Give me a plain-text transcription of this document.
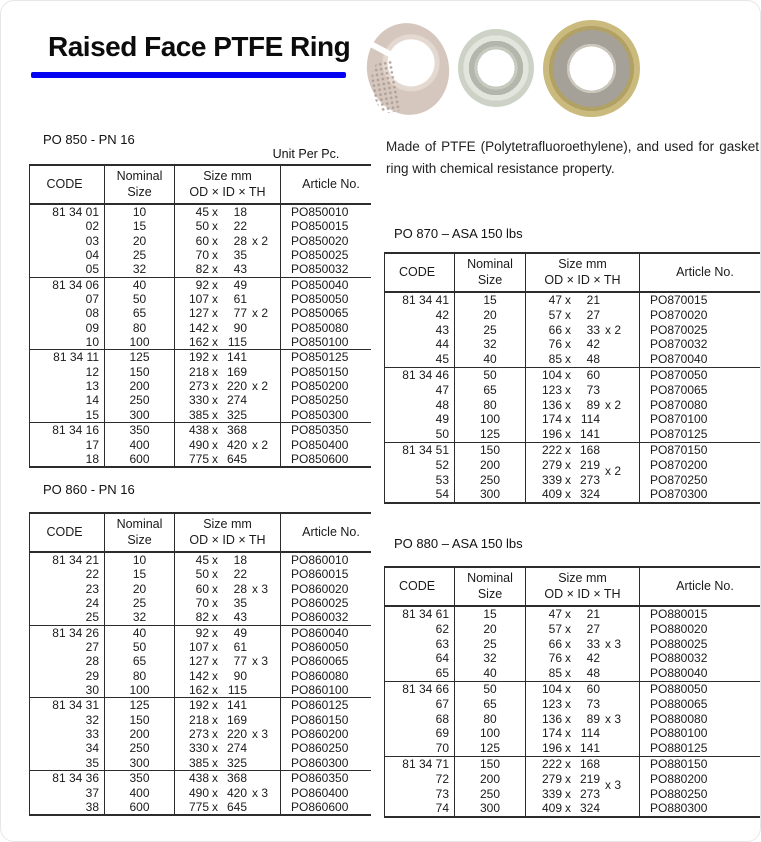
Raised Face PTFE Ring
Made of PTFE (Polytetrafluoroethylene), and used for gasket ring with chemical resistance property.
PO 850 - PN 16
Unit Per Pc.
PO 860 - PN 16
PO 870 – ASA 150 lbs
PO 880 – ASA 150 lbs
CODE
Nominal
Size
Size mm
OD × ID × TH
Article No.
81 34 01	10	45 x 18	PO850010
02	15	50 x 22	PO850015
03	20	60 x 28 x 2	PO850020
04	25	70 x 35	PO850025
05	32	82 x 43	PO850032
81 34 06	40	92 x 49	PO850040
07	50	107 x 61	PO850050
08	65	127 x 77 x 2	PO850065
09	80	142 x 90	PO850080
10	100	162 x 115	PO850100
81 34 11	125	192 x 141	PO850125
12	150	218 x 169	PO850150
13	200	273 x 220 x 2	PO850200
14	250	330 x 274	PO850250
15	300	385 x 325	PO850300
81 34 16	350	438 x 368	PO850350
17	400	490 x 420 x 2	PO850400
18	600	775 x 645	PO850600
CODE
Nominal
Size
Size mm
OD × ID × TH
Article No.
81 34 21	10	45 x 18	PO860010
22	15	50 x 22	PO860015
23	20	60 x 28 x 3	PO860020
24	25	70 x 35	PO860025
25	32	82 x 43	PO860032
81 34 26	40	92 x 49	PO860040
27	50	107 x 61	PO860050
28	65	127 x 77 x 3	PO860065
29	80	142 x 90	PO860080
30	100	162 x 115	PO860100
81 34 31	125	192 x 141	PO860125
32	150	218 x 169	PO860150
33	200	273 x 220 x 3	PO860200
34	250	330 x 274	PO860250
35	300	385 x 325	PO860300
81 34 36	350	438 x 368	PO860350
37	400	490 x 420 x 3	PO860400
38	600	775 x 645	PO860600
CODE
Nominal
Size
Size mm
OD × ID × TH
Article No.
81 34 41	15	47 x 21	PO870015
42	20	57 x 27	PO870020
43	25	66 x 33 x 2	PO870025
44	32	76 x 42	PO870032
45	40	85 x 48	PO870040
81 34 46	50	104 x 60	PO870050
47	65	123 x 73	PO870065
48	80	136 x 89 x 2	PO870080
49	100	174 x 114	PO870100
50	125	196 x 141	PO870125
81 34 51	150	222 x 168	PO870150
52	200	279 x 219 x 2	PO870200
53	250	339 x 273	PO870250
54	300	409 x 324	PO870300
CODE
Nominal
Size
Size mm
OD × ID × TH
Article No.
81 34 61	15	47 x 21	PO880015
62	20	57 x 27	PO880020
63	25	66 x 33 x 3	PO880025
64	32	76 x 42	PO880032
65	40	85 x 48	PO880040
81 34 66	50	104 x 60	PO880050
67	65	123 x 73	PO880065
68	80	136 x 89 x 3	PO880080
69	100	174 x 114	PO880100
70	125	196 x 141	PO880125
81 34 71	150	222 x 168	PO880150
72	200	279 x 219 x 3	PO880200
73	250	339 x 273	PO880250
74	300	409 x 324	PO880300
